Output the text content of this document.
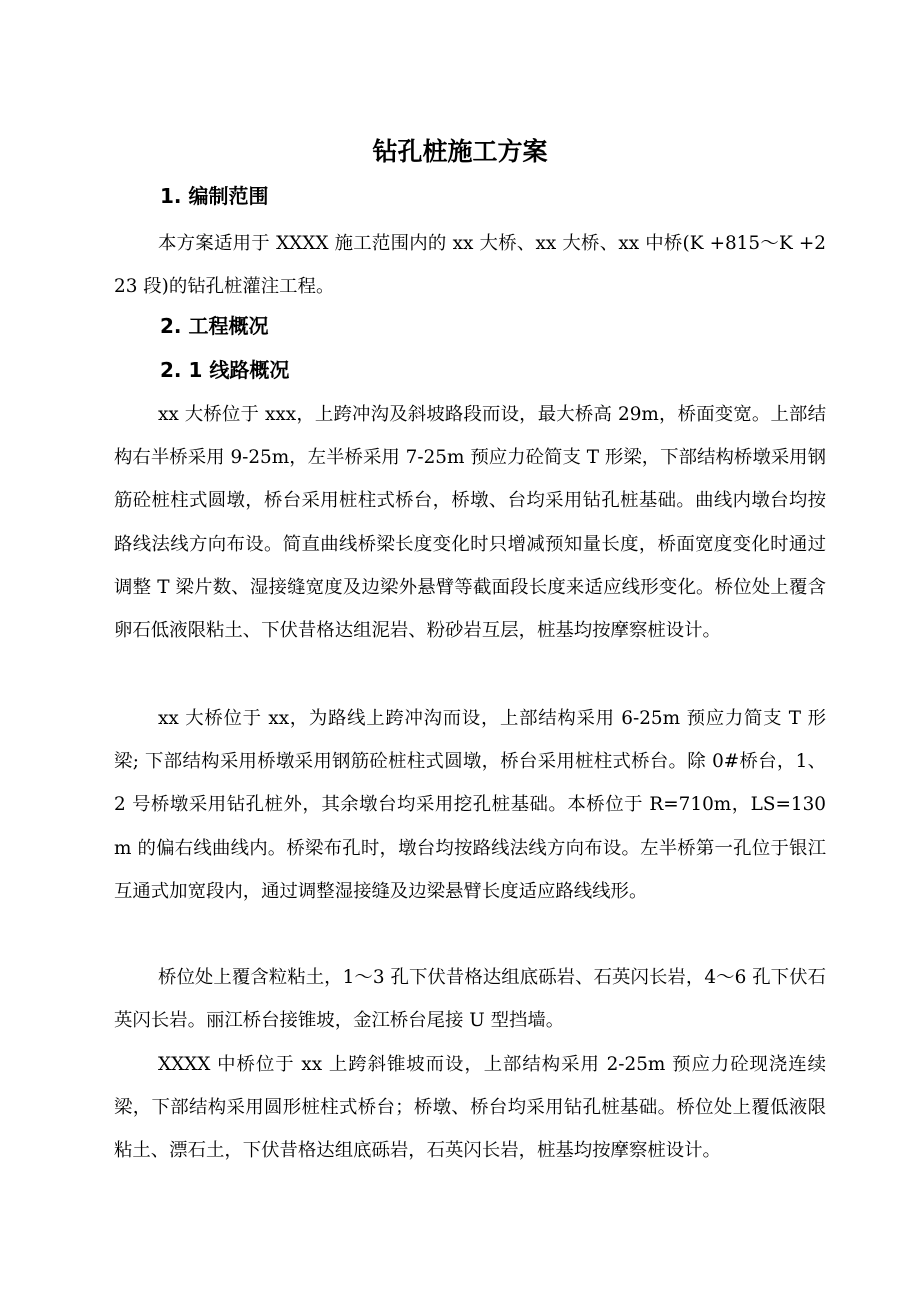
钻孔桩施工方案
1. 编制范围

本方案适用于 XXXX 施工范围内的 xx 大桥、xx 大桥、xx 中桥(K +815～K +223 段)的钻孔桩灌注工程。

2. 工程概况
2. 1 线路概况

xx 大桥位于 xxx，上跨冲沟及斜坡路段而设，最大桥高 29m，桥面变宽。上部结构右半桥采用 9-25m，左半桥采用 7-25m 预应力砼简支 T 形梁，下部结构桥墩采用钢筋砼桩柱式圆墩，桥台采用桩柱式桥台，桥墩、台均采用钻孔桩基础。曲线内墩台均按路线法线方向布设。简直曲线桥梁长度变化时只增减预知量长度，桥面宽度变化时通过调整 T 梁片数、湿接缝宽度及边梁外悬臂等截面段长度来适应线形变化。桥位处上覆含卵石低液限粘土、下伏昔格达组泥岩、粉砂岩互层，桩基均按摩察桩设计。

xx 大桥位于 xx，为路线上跨冲沟而设，上部结构采用 6-25m 预应力简支 T 形梁; 下部结构采用桥墩采用钢筋砼桩柱式圆墩，桥台采用桩柱式桥台。除 0#桥台，1、2 号桥墩采用钻孔桩外，其余墩台均采用挖孔桩基础。本桥位于 R=710m，LS=130m 的偏右线曲线内。桥梁布孔时，墩台均按路线法线方向布设。左半桥第一孔位于银江互通式加宽段内，通过调整湿接缝及边梁悬臂长度适应路线线形。

桥位处上覆含粒粘土，1～3 孔下伏昔格达组底砾岩、石英闪长岩，4～6 孔下伏石英闪长岩。丽江桥台接锥坡，金江桥台尾接 U 型挡墙。

XXXX 中桥位于 xx 上跨斜锥坡而设，上部结构采用 2-25m 预应力砼现浇连续梁，下部结构采用圆形桩柱式桥台；桥墩、桥台均采用钻孔桩基础。桥位处上覆低液限粘土、漂石土，下伏昔格达组底砾岩，石英闪长岩，桩基均按摩察桩设计。
